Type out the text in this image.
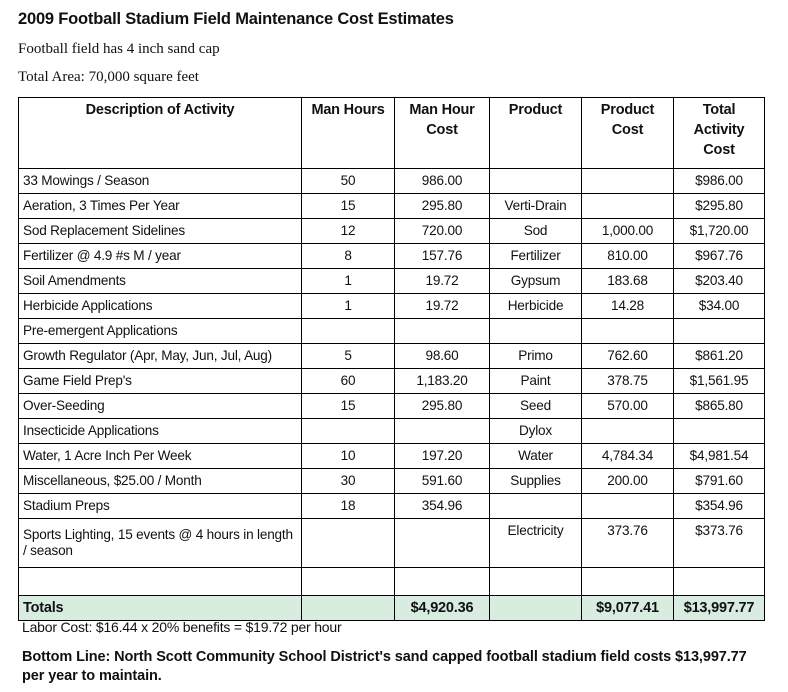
2009 Football Stadium Field Maintenance Cost Estimates
Football field has 4 inch sand cap
Total Area: 70,000 square feet
Description of Activity	Man Hours	Man Hour Cost	Product	Product Cost	Total Activity Cost
33 Mowings / Season	50	986.00			$986.00
Aeration, 3 Times Per Year	15	295.80	Verti-Drain		$295.80
Sod Replacement Sidelines	12	720.00	Sod	1,000.00	$1,720.00
Fertilizer @ 4.9 #s M / year	8	157.76	Fertilizer	810.00	$967.76
Soil Amendments	1	19.72	Gypsum	183.68	$203.40
Herbicide Applications	1	19.72	Herbicide	14.28	$34.00
Pre-emergent Applications					
Growth Regulator (Apr, May, Jun, Jul, Aug)	5	98.60	Primo	762.60	$861.20
Game Field Prep's	60	1,183.20	Paint	378.75	$1,561.95
Over-Seeding	15	295.80	Seed	570.00	$865.80
Insecticide Applications			Dylox		
Water, 1 Acre Inch Per Week	10	197.20	Water	4,784.34	$4,981.54
Miscellaneous, $25.00 / Month	30	591.60	Supplies	200.00	$791.60
Stadium Preps	18	354.96			$354.96
Sports Lighting, 15 events @ 4 hours in length / season			Electricity	373.76	$373.76

Totals		$4,920.36		$9,077.41	$13,997.77
Labor Cost: $16.44 x 20% benefits = $19.72 per hour
Bottom Line: North Scott Community School District's sand capped football stadium field costs $13,997.77 per year to maintain.
